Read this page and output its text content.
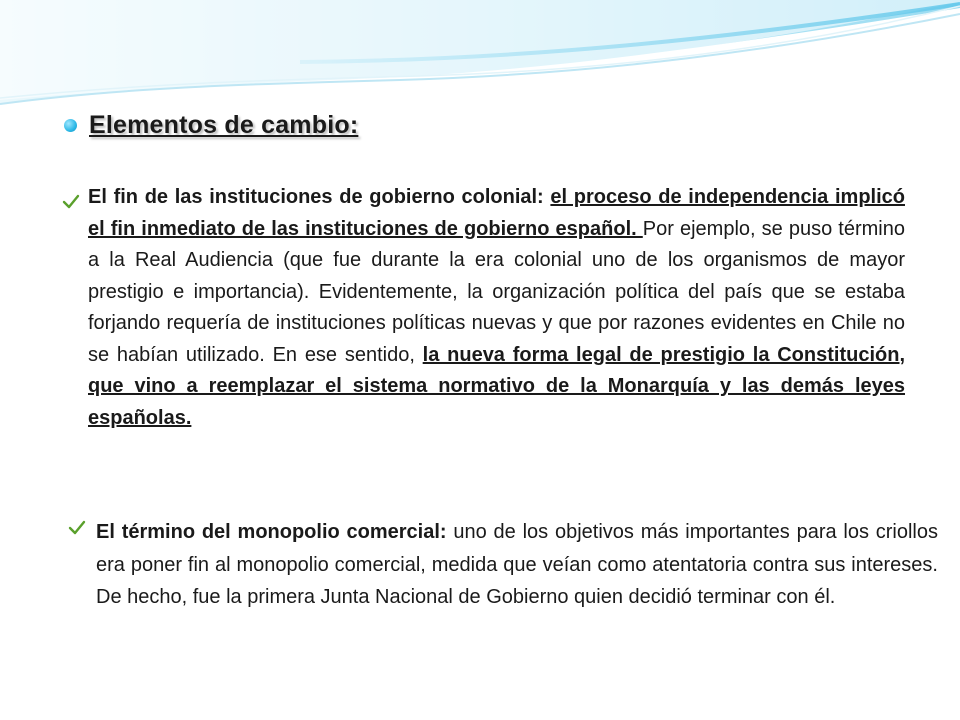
Elementos de cambio:
El fin de las instituciones de gobierno colonial: el proceso de independencia implicó el fin inmediato de las instituciones de gobierno español. Por ejemplo, se puso término a la Real Audiencia (que fue durante la era colonial uno de los organismos de mayor prestigio e importancia). Evidentemente, la organización política del país que se estaba forjando requería de instituciones políticas nuevas y que por razones evidentes en Chile no se habían utilizado. En ese sentido, la nueva forma legal de prestigio la Constitución, que vino a reemplazar el sistema normativo de la Monarquía y las demás leyes españolas.
El término del monopolio comercial: uno de los objetivos más importantes para los criollos era poner fin al monopolio comercial, medida que veían como atentatoria contra sus intereses. De hecho, fue la primera Junta Nacional de Gobierno quien decidió terminar con él.
